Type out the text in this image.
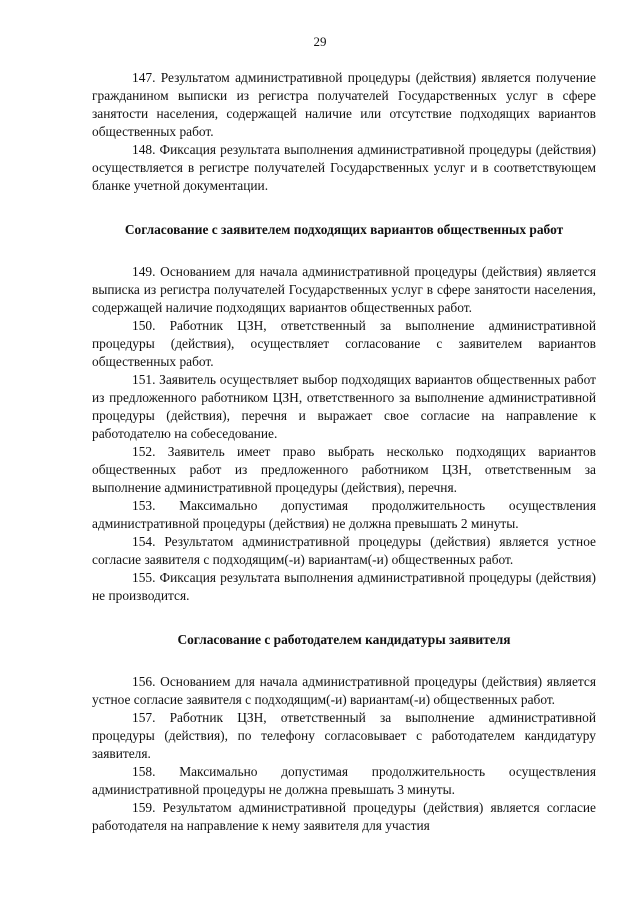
29

147. Результатом административной процедуры (действия) является получение гражданином выписки из регистра получателей Государственных услуг в сфере занятости населения, содержащей наличие или отсутствие подходящих вариантов общественных работ.

148. Фиксация результата выполнения административной процедуры (действия) осуществляется в регистре получателей Государственных услуг и в соответствующем бланке учетной документации.

Согласование с заявителем подходящих вариантов общественных работ

149. Основанием для начала административной процедуры (действия) является выписка из регистра получателей Государственных услуг в сфере занятости населения, содержащей наличие подходящих вариантов общественных работ.

150. Работник ЦЗН, ответственный за выполнение административной процедуры (действия), осуществляет согласование с заявителем вариантов общественных работ.

151. Заявитель осуществляет выбор подходящих вариантов общественных работ из предложенного работником ЦЗН, ответственного за выполнение административной процедуры (действия), перечня и выражает свое согласие на направление к работодателю на собеседование.

152. Заявитель имеет право выбрать несколько подходящих вариантов общественных работ из предложенного работником ЦЗН, ответственным за выполнение административной процедуры (действия), перечня.

153. Максимально допустимая продолжительность осуществления административной процедуры (действия) не должна превышать 2 минуты.

154. Результатом административной процедуры (действия) является устное согласие заявителя с подходящим(-и) вариантам(-и) общественных работ.

155. Фиксация результата выполнения административной процедуры (действия) не производится.

Согласование с работодателем кандидатуры заявителя

156. Основанием для начала административной процедуры (действия) является устное согласие заявителя с подходящим(-и) вариантам(-и) общественных работ.

157. Работник ЦЗН, ответственный за выполнение административной процедуры (действия), по телефону согласовывает с работодателем кандидатуру заявителя.

158. Максимально допустимая продолжительность осуществления административной процедуры не должна превышать 3 минуты.

159. Результатом административной процедуры (действия) является согласие работодателя на направление к нему заявителя для участия
